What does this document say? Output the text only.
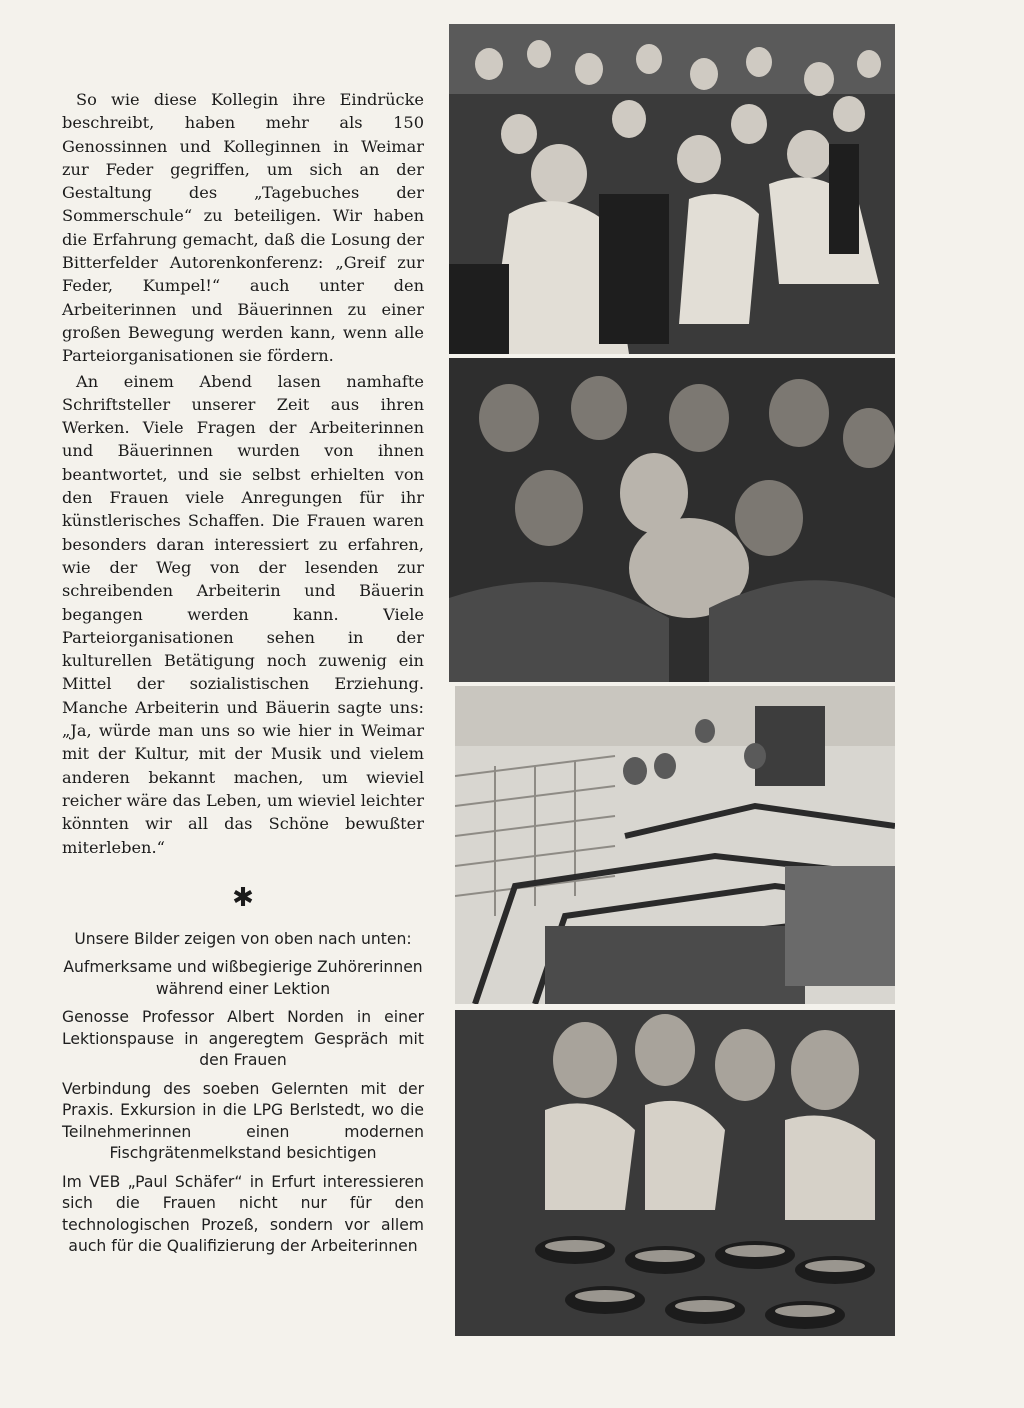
So wie diese Kollegin ihre Eindrücke beschreibt, haben mehr als 150 Genossinnen und Kolleginnen in Weimar zur Feder gegriffen, um sich an der Gestaltung des „Tagebuches der Sommerschule“ zu beteiligen. Wir haben die Erfahrung gemacht, daß die Losung der Bitterfelder Autorenkonferenz: „Greif zur Feder, Kumpel!“ auch unter den Arbeiterinnen und Bäuerinnen zu einer großen Bewegung werden kann, wenn alle Parteiorganisationen sie fördern.

An einem Abend lasen namhafte Schriftsteller unserer Zeit aus ihren Werken. Viele Fragen der Arbeiterinnen und Bäuerinnen wurden von ihnen beantwortet, und sie selbst erhielten von den Frauen viele Anregungen für ihr künstlerisches Schaffen. Die Frauen waren besonders daran interessiert zu erfahren, wie der Weg von der lesenden zur schreibenden Arbeiterin und Bäuerin begangen werden kann. Viele Parteiorganisationen sehen in der kulturellen Betätigung noch zuwenig ein Mittel der sozialistischen Erziehung. Manche Arbeiterin und Bäuerin sagte uns: „Ja, würde man uns so wie hier in Weimar mit der Kultur, mit der Musik und vielem anderen bekannt machen, um wieviel reicher wäre das Leben, um wieviel leichter könnten wir all das Schöne bewußter miterleben.“

✱

Unsere Bilder zeigen von oben nach unten:

Aufmerksame und wißbegierige Zuhörerinnen während einer Lektion

Genosse Professor Albert Norden in einer Lektionspause in angeregtem Gespräch mit den Frauen

Verbindung des soeben Gelernten mit der Praxis. Exkursion in die LPG Berlstedt, wo die Teilnehmerinnen einen modernen Fischgrätenmelkstand besichtigen

Im VEB „Paul Schäfer“ in Erfurt interessieren sich die Frauen nicht nur für den technologischen Prozeß, sondern vor allem auch für die Qualifizierung der Arbeiterinnen
